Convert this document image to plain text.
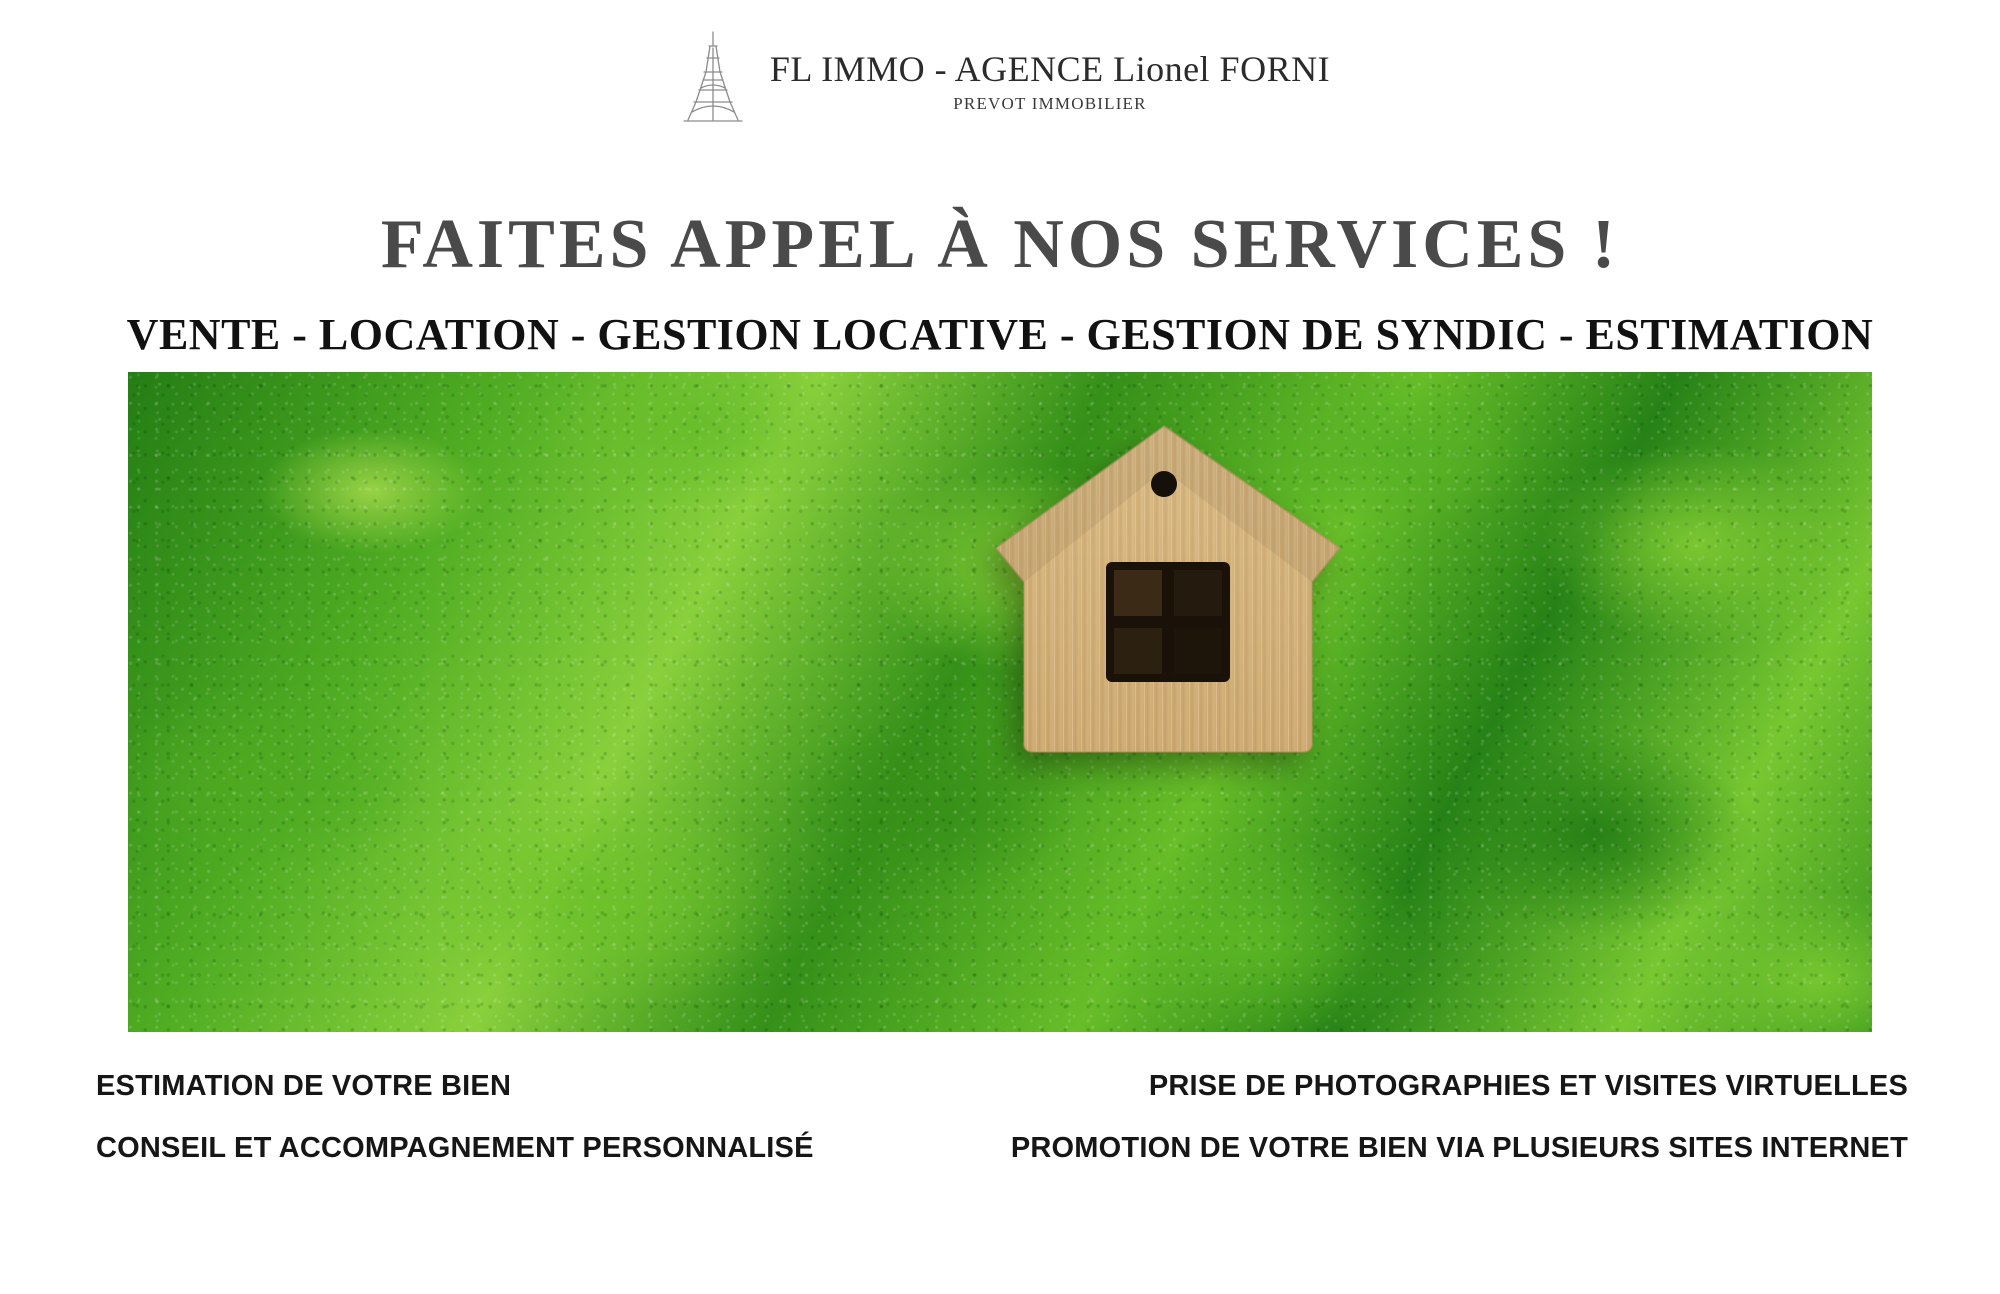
FL IMMO - AGENCE Lionel FORNI
PREVOT IMMOBILIER
FAITES APPEL À NOS SERVICES !
VENTE - LOCATION - GESTION LOCATIVE - GESTION DE SYNDIC - ESTIMATION
ESTIMATION DE VOTRE BIEN
CONSEIL ET ACCOMPAGNEMENT PERSONNALISÉ
PRISE DE PHOTOGRAPHIES ET VISITES VIRTUELLES
PROMOTION DE VOTRE BIEN VIA PLUSIEURS SITES INTERNET
